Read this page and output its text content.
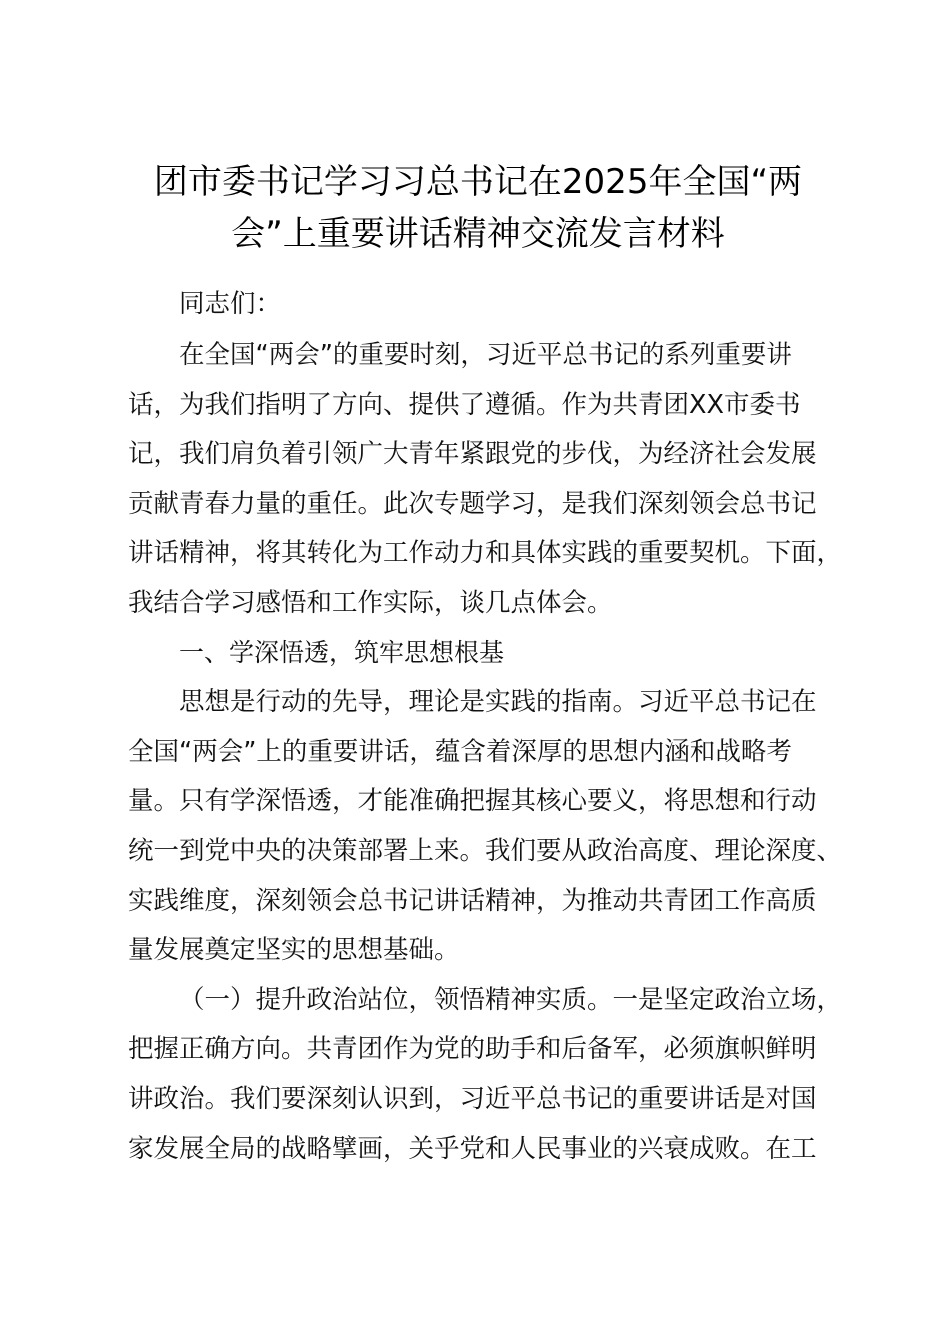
团市委书记学习习总书记在2025年全国“两会”上重要讲话精神交流发言材料

同志们：

在全国“两会”的重要时刻，习近平总书记的系列重要讲

话，为我们指明了方向、提供了遵循。作为共青团XX市委书

记，我们肩负着引领广大青年紧跟党的步伐，为经济社会发展

贡献青春力量的重任。此次专题学习，是我们深刻领会总书记

讲话精神，将其转化为工作动力和具体实践的重要契机。下面，

我结合学习感悟和工作实际，谈几点体会。

一、学深悟透，筑牢思想根基

思想是行动的先导，理论是实践的指南。习近平总书记在

全国“两会”上的重要讲话，蕴含着深厚的思想内涵和战略考

量。只有学深悟透，才能准确把握其核心要义，将思想和行动

统一到党中央的决策部署上来。我们要从政治高度、理论深度、

实践维度，深刻领会总书记讲话精神，为推动共青团工作高质

量发展奠定坚实的思想基础。

（一）提升政治站位，领悟精神实质。一是坚定政治立场，

把握正确方向。共青团作为党的助手和后备军，必须旗帜鲜明

讲政治。我们要深刻认识到，习近平总书记的重要讲话是对国

家发展全局的战略擘画，关乎党和人民事业的兴衰成败。在工
